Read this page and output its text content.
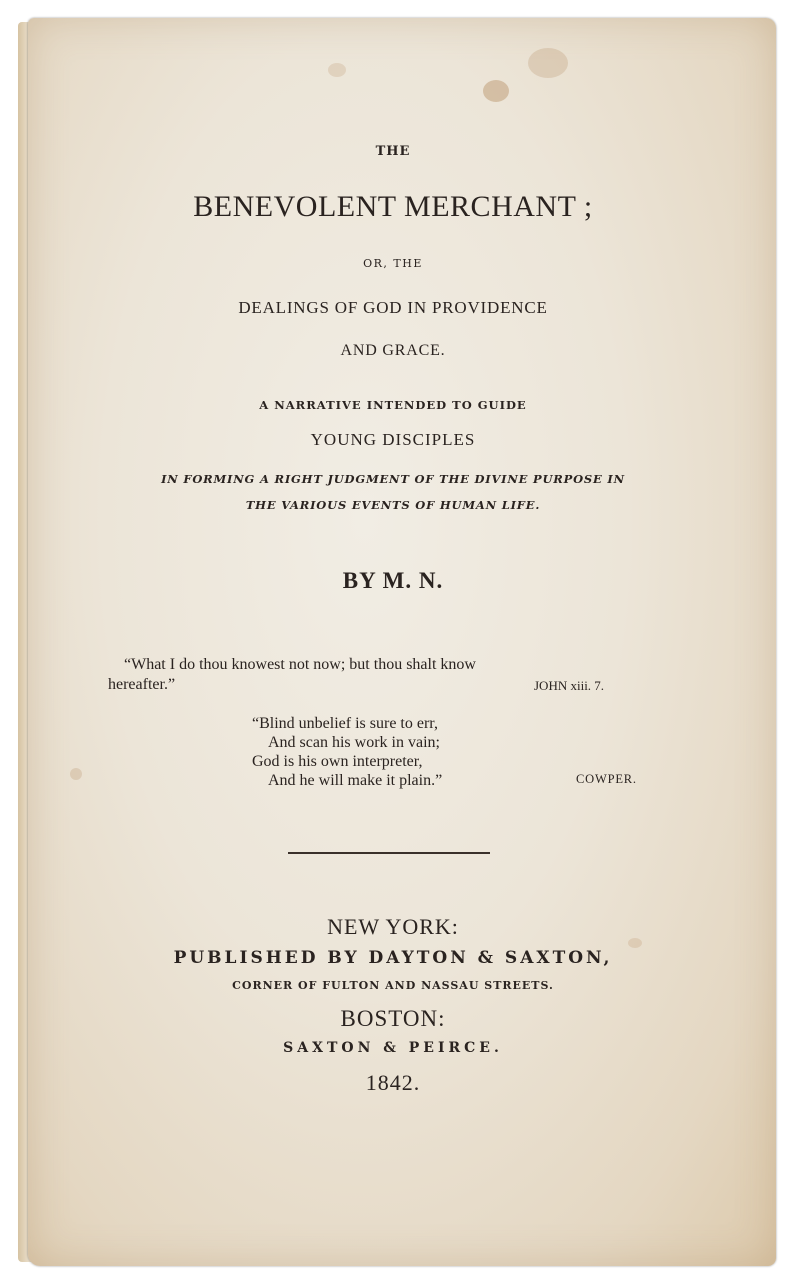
THE
BENEVOLENT MERCHANT ;
OR, THE
DEALINGS OF GOD IN PROVIDENCE
AND GRACE.
A NARRATIVE INTENDED TO GUIDE
YOUNG DISCIPLES
IN FORMING A RIGHT JUDGMENT OF THE DIVINE PURPOSE IN
THE VARIOUS EVENTS OF HUMAN LIFE.
BY M. N.
“What I do thou knowest not now; but thou shalt know
hereafter.”	JOHN xiii. 7.
“Blind unbelief is sure to err,
And scan his work in vain;
God is his own interpreter,
And he will make it plain.”	COWPER.
NEW YORK:
PUBLISHED BY DAYTON & SAXTON,
CORNER OF FULTON AND NASSAU STREETS.
BOSTON:
SAXTON & PEIRCE.
1842.
